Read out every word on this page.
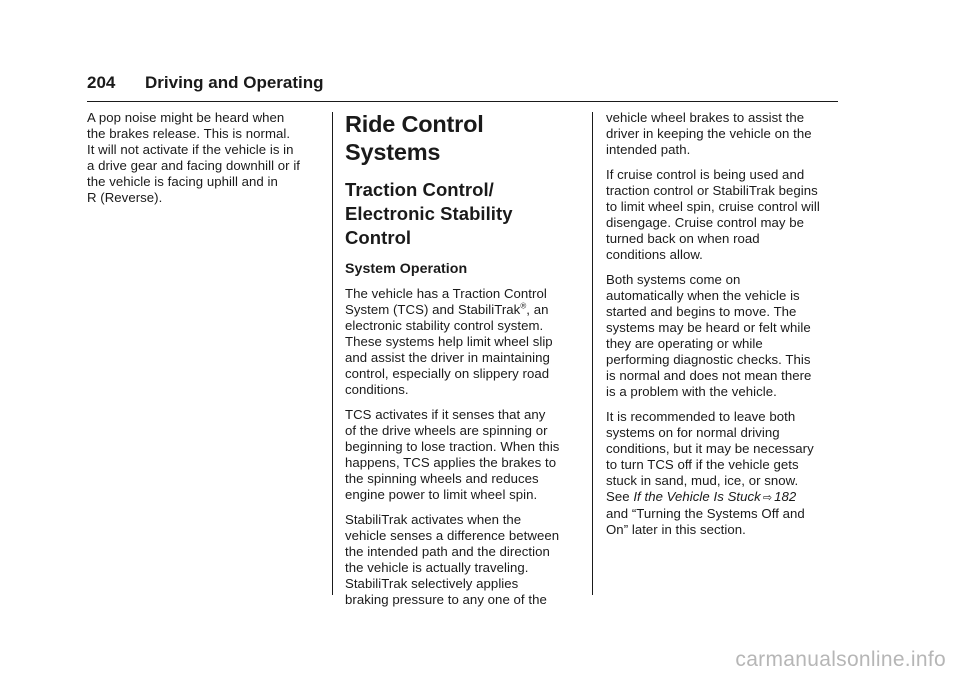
204 Driving and Operating

A pop noise might be heard when
the brakes release. This is normal.
It will not activate if the vehicle is in
a drive gear and facing downhill or if
the vehicle is facing uphill and in
R (Reverse).

Ride Control Systems
Traction Control/
Electronic Stability
Control
System Operation

The vehicle has a Traction Control
System (TCS) and StabiliTrak®, an
electronic stability control system.
These systems help limit wheel slip
and assist the driver in maintaining
control, especially on slippery road
conditions.

TCS activates if it senses that any
of the drive wheels are spinning or
beginning to lose traction. When this
happens, TCS applies the brakes to
the spinning wheels and reduces
engine power to limit wheel spin.

StabiliTrak activates when the
vehicle senses a difference between
the intended path and the direction
the vehicle is actually traveling.
StabiliTrak selectively applies
braking pressure to any one of the

vehicle wheel brakes to assist the
driver in keeping the vehicle on the
intended path.

If cruise control is being used and
traction control or StabiliTrak begins
to limit wheel spin, cruise control will
disengage. Cruise control may be
turned back on when road
conditions allow.

Both systems come on
automatically when the vehicle is
started and begins to move. The
systems may be heard or felt while
they are operating or while
performing diagnostic checks. This
is normal and does not mean there
is a problem with the vehicle.

It is recommended to leave both
systems on for normal driving
conditions, but it may be necessary
to turn TCS off if the vehicle gets
stuck in sand, mud, ice, or snow.
See If the Vehicle Is Stuck ⇨ 182
and “Turning the Systems Off and
On” later in this section.

carmanualsonline.info
